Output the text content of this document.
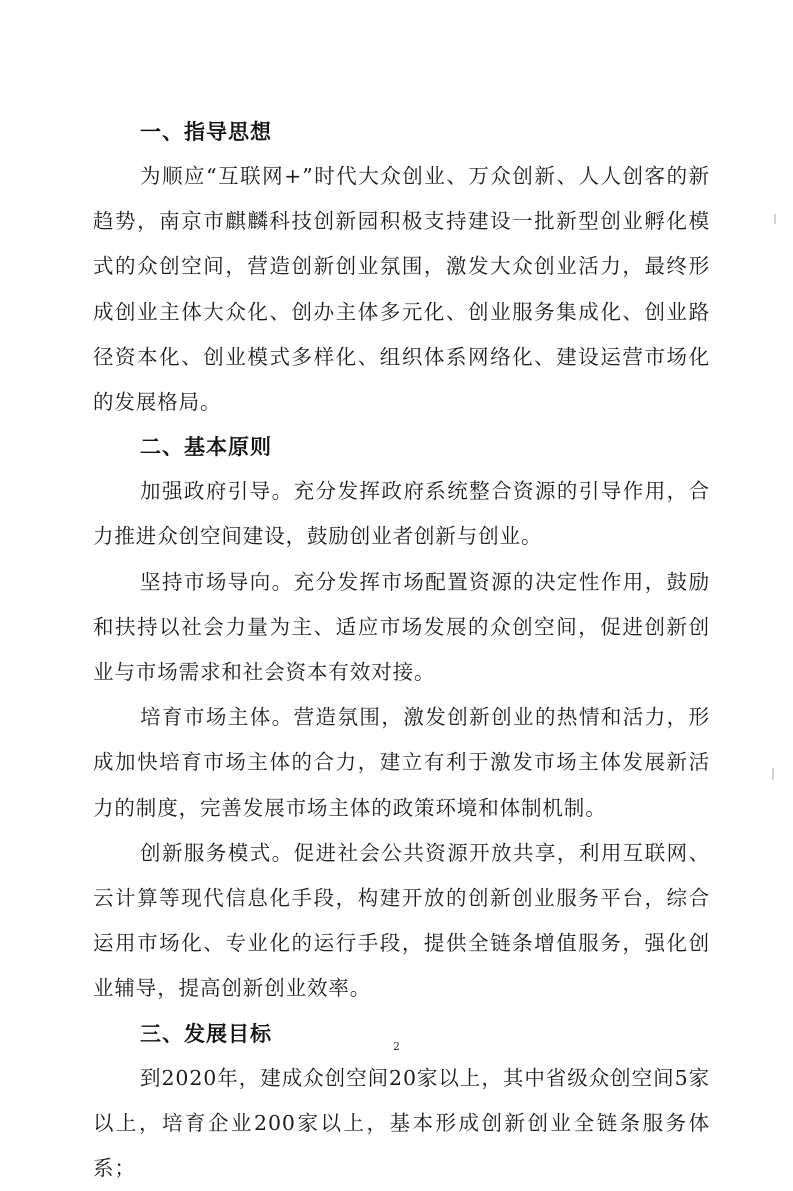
一、指导思想

为顺应“互联网+”时代大众创业、万众创新、人人创客的新趋势，南京市麒麟科技创新园积极支持建设一批新型创业孵化模式的众创空间，营造创新创业氛围，激发大众创业活力，最终形成创业主体大众化、创办主体多元化、创业服务集成化、创业路径资本化、创业模式多样化、组织体系网络化、建设运营市场化的发展格局。

二、基本原则

加强政府引导。充分发挥政府系统整合资源的引导作用，合力推进众创空间建设，鼓励创业者创新与创业。

坚持市场导向。充分发挥市场配置资源的决定性作用，鼓励和扶持以社会力量为主、适应市场发展的众创空间，促进创新创业与市场需求和社会资本有效对接。

培育市场主体。营造氛围，激发创新创业的热情和活力，形成加快培育市场主体的合力，建立有利于激发市场主体发展新活力的制度，完善发展市场主体的政策环境和体制机制。

创新服务模式。促进社会公共资源开放共享，利用互联网、云计算等现代信息化手段，构建开放的创新创业服务平台，综合运用市场化、专业化的运行手段，提供全链条增值服务，强化创业辅导，提高创新创业效率。

三、发展目标

到2020年，建成众创空间20家以上，其中省级众创空间5家以上，培育企业200家以上，基本形成创新创业全链条服务体系；

2
